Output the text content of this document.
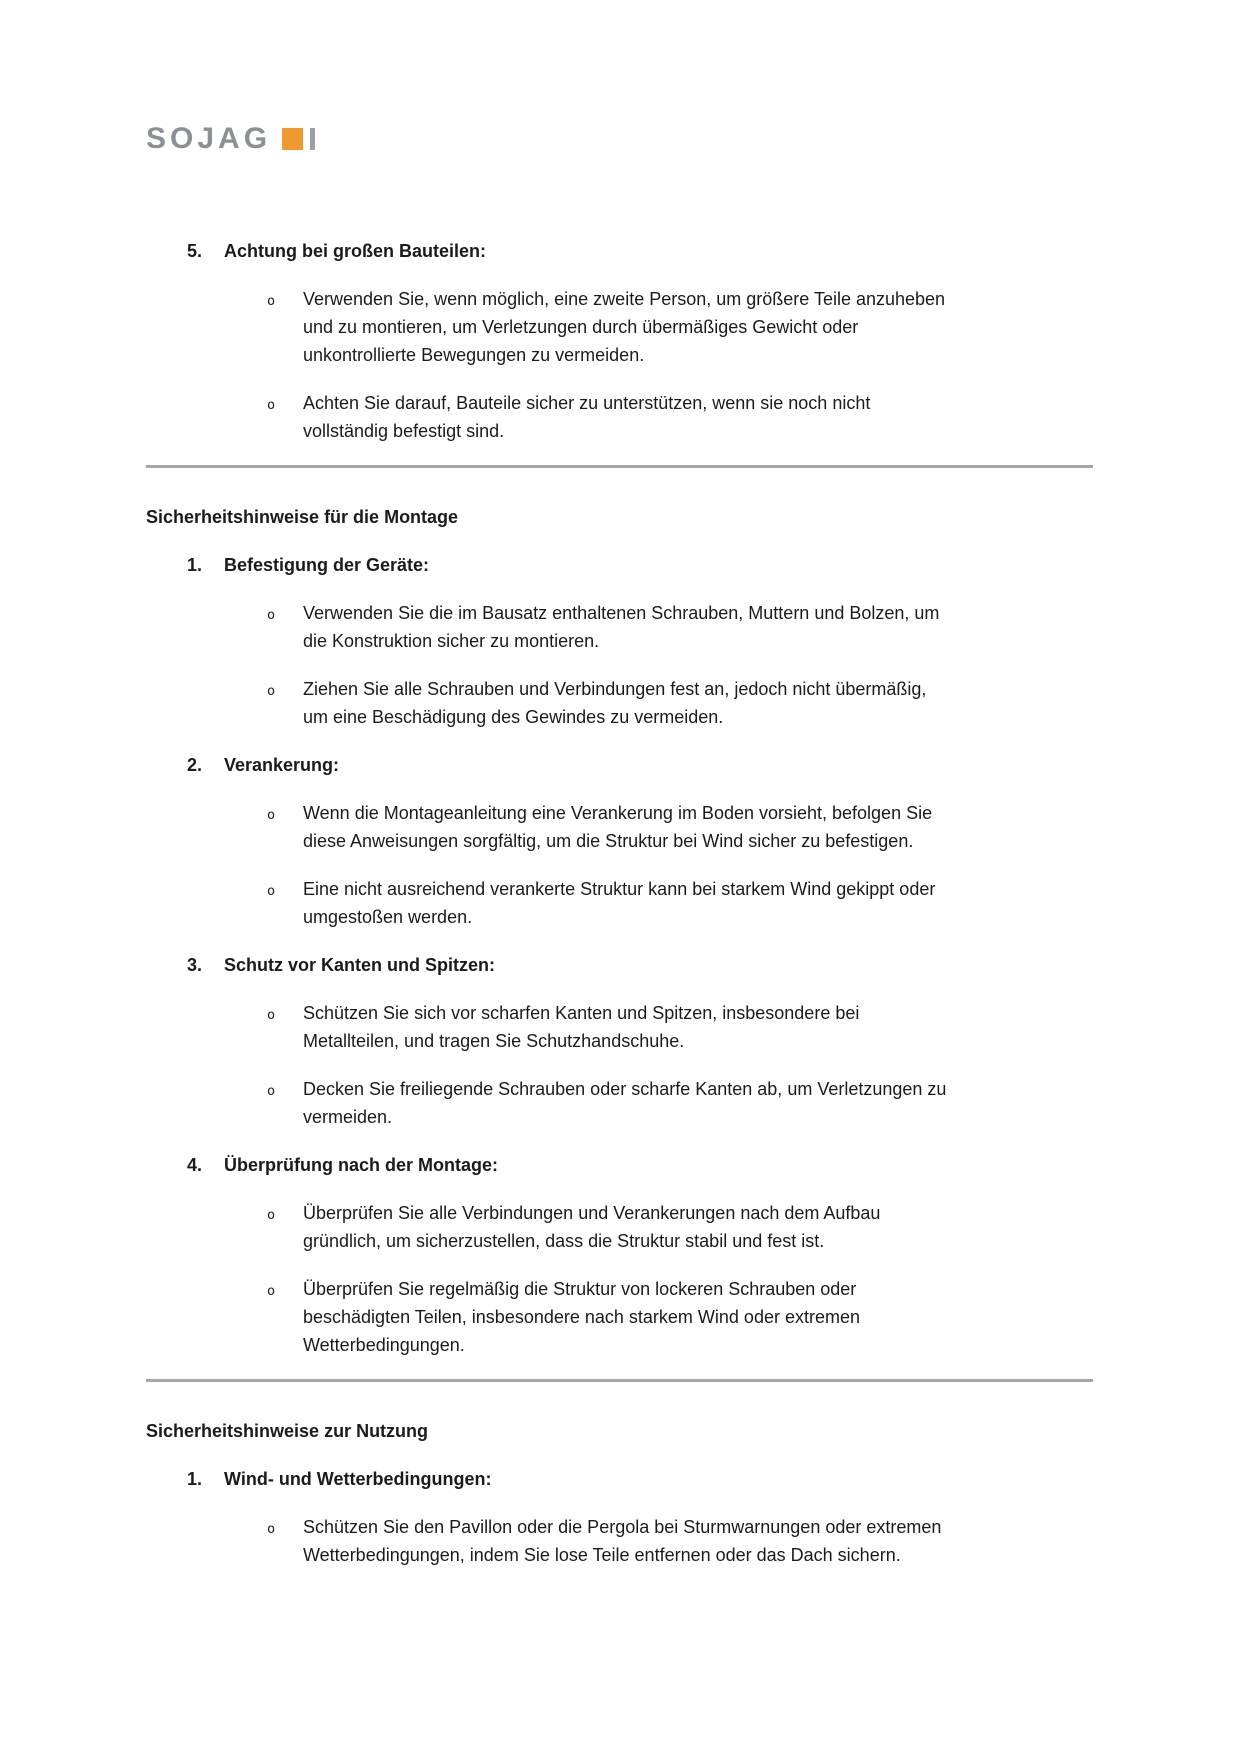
SOJAG
5.	Achtung bei großen Bauteilen:
o	Verwenden Sie, wenn möglich, eine zweite Person, um größere Teile anzuheben
und zu montieren, um Verletzungen durch übermäßiges Gewicht oder
unkontrollierte Bewegungen zu vermeiden.
o	Achten Sie darauf, Bauteile sicher zu unterstützen, wenn sie noch nicht
vollständig befestigt sind.
Sicherheitshinweise für die Montage
1.	Befestigung der Geräte:
o	Verwenden Sie die im Bausatz enthaltenen Schrauben, Muttern und Bolzen, um
die Konstruktion sicher zu montieren.
o	Ziehen Sie alle Schrauben und Verbindungen fest an, jedoch nicht übermäßig,
um eine Beschädigung des Gewindes zu vermeiden.
2.	Verankerung:
o	Wenn die Montageanleitung eine Verankerung im Boden vorsieht, befolgen Sie
diese Anweisungen sorgfältig, um die Struktur bei Wind sicher zu befestigen.
o	Eine nicht ausreichend verankerte Struktur kann bei starkem Wind gekippt oder
umgestoßen werden.
3.	Schutz vor Kanten und Spitzen:
o	Schützen Sie sich vor scharfen Kanten und Spitzen, insbesondere bei
Metallteilen, und tragen Sie Schutzhandschuhe.
o	Decken Sie freiliegende Schrauben oder scharfe Kanten ab, um Verletzungen zu
vermeiden.
4.	Überprüfung nach der Montage:
o	Überprüfen Sie alle Verbindungen und Verankerungen nach dem Aufbau
gründlich, um sicherzustellen, dass die Struktur stabil und fest ist.
o	Überprüfen Sie regelmäßig die Struktur von lockeren Schrauben oder
beschädigten Teilen, insbesondere nach starkem Wind oder extremen
Wetterbedingungen.
Sicherheitshinweise zur Nutzung
1.	Wind- und Wetterbedingungen:
o	Schützen Sie den Pavillon oder die Pergola bei Sturmwarnungen oder extremen
Wetterbedingungen, indem Sie lose Teile entfernen oder das Dach sichern.
